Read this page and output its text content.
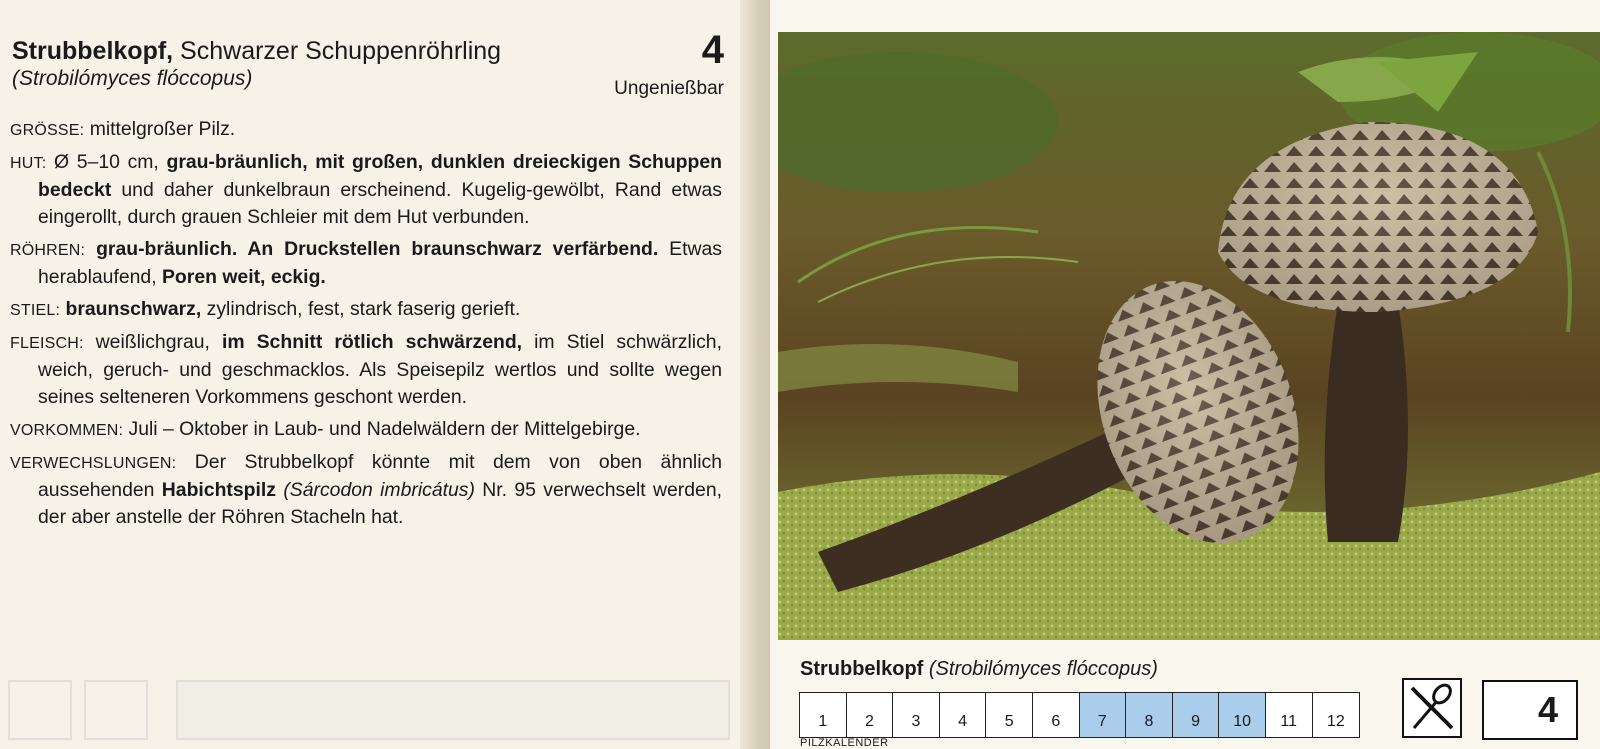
Strubbelkopf, Schwarzer Schuppenröhrling
(Strobilómyces flóccopus)
4
Ungenießbar
GRÖSSE: mittelgroßer Pilz.
HUT: Ø 5–10 cm, grau-bräunlich, mit großen, dunklen dreieckigen Schuppen bedeckt und daher dunkelbraun erscheinend. Kugelig-gewölbt, Rand etwas eingerollt, durch grauen Schleier mit dem Hut verbunden.
RÖHREN: grau-bräunlich. An Druckstellen braunschwarz verfärbend. Etwas herablaufend, Poren weit, eckig.
STIEL: braunschwarz, zylindrisch, fest, stark faserig gerieft.
FLEISCH: weißlichgrau, im Schnitt rötlich schwärzend, im Stiel schwärzlich, weich, geruch- und geschmacklos. Als Speisepilz wertlos und sollte wegen seines selteneren Vorkommens geschont werden.
VORKOMMEN: Juli – Oktober in Laub- und Nadelwäldern der Mittelgebirge.
VERWECHSLUNGEN: Der Strubbelkopf könnte mit dem von oben ähnlich aussehenden Habichtspilz (Sárcodon imbricátus) Nr. 95 verwechselt werden, der aber anstelle der Röhren Stacheln hat.
Strubbelkopf (Strobilómyces flóccopus)
1	2	3	4	5	6	7	8	9	10	11	12
PILZKALENDER
4
